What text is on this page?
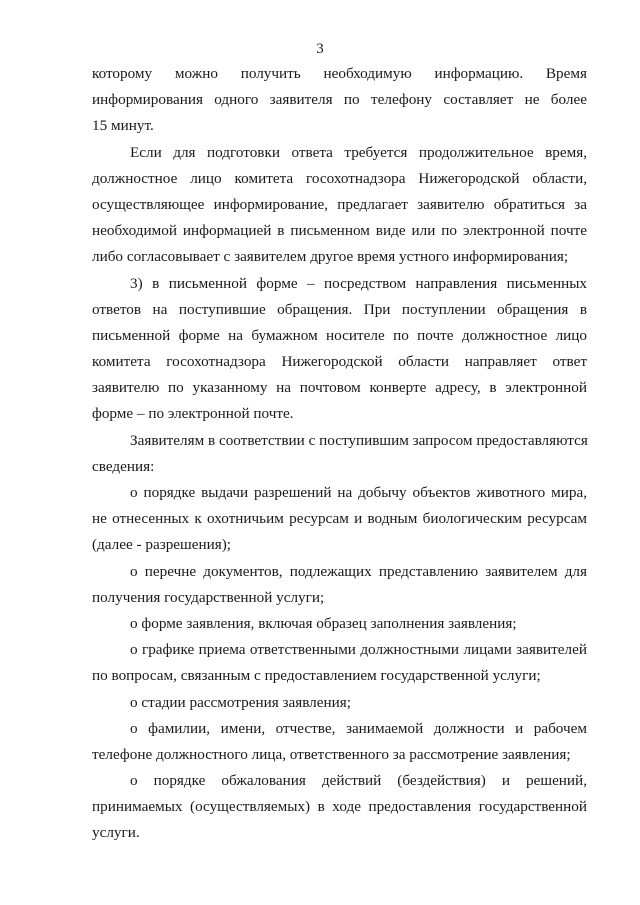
3
которому можно получить необходимую информацию. Время
информирования одного заявителя по телефону составляет не более
15 минут.
Если для подготовки ответа требуется продолжительное время,
должностное лицо комитета госохотнадзора Нижегородской области,
осуществляющее информирование, предлагает заявителю обратиться за
необходимой информацией в письменном виде или по электронной почте
либо согласовывает с заявителем другое время устного информирования;
3) в письменной форме – посредством направления письменных
ответов на поступившие обращения. При поступлении обращения в
письменной форме на бумажном носителе по почте должностное лицо
комитета госохотнадзора Нижегородской области направляет ответ
заявителю по указанному на почтовом конверте адресу, в электронной
форме – по электронной почте.
Заявителям в соответствии с поступившим запросом предоставляются
сведения:
о порядке выдачи разрешений на добычу объектов животного мира,
не отнесенных к охотничьим ресурсам и водным биологическим ресурсам
(далее - разрешения);
о перечне документов, подлежащих представлению заявителем для
получения государственной услуги;
о форме заявления, включая образец заполнения заявления;
о графике приема ответственными должностными лицами заявителей
по вопросам, связанным с предоставлением государственной услуги;
о стадии рассмотрения заявления;
о фамилии, имени, отчестве, занимаемой должности и рабочем
телефоне должностного лица, ответственного за рассмотрение заявления;
о порядке обжалования действий (бездействия) и решений,
принимаемых (осуществляемых) в ходе предоставления государственной
услуги.
